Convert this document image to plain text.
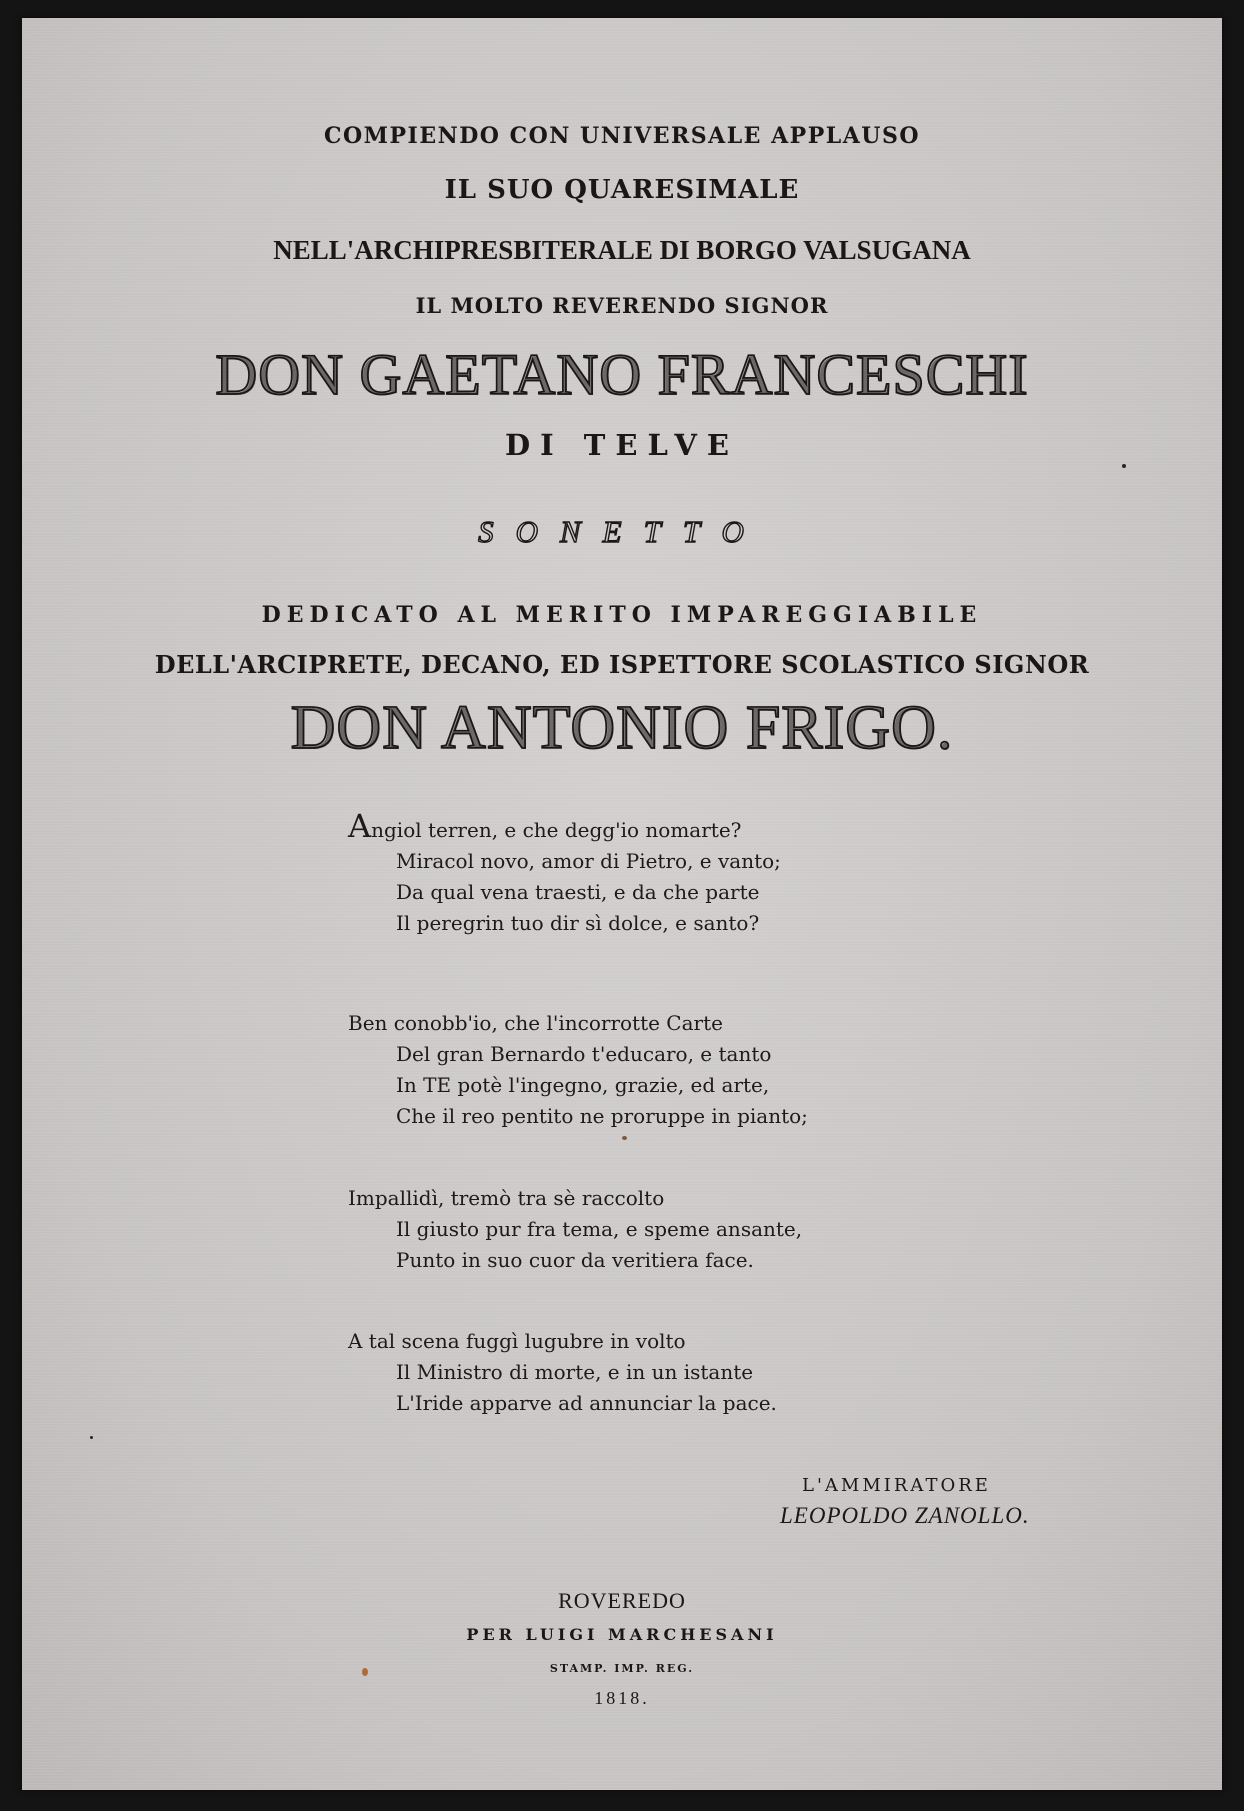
COMPIENDO CON UNIVERSALE APPLAUSO
IL SUO QUARESIMALE
NELL'ARCHIPRESBITERALE DI BORGO VALSUGANA
IL MOLTO REVERENDO SIGNOR
DON GAETANO FRANCESCHI
DI TELVE
SONETTO
DEDICATO AL MERITO IMPAREGGIABILE
DELL'ARCIPRETE, DECANO, ED ISPETTORE SCOLASTICO SIGNOR
DON ANTONIO FRIGO.
Angiol terren, e che degg'io nomarte?
Miracol novo, amor di Pietro, e vanto;
Da qual vena traesti, e da che parte
Il peregrin tuo dir sì dolce, e santo?
Ben conobb'io, che l'incorrotte Carte
Del gran Bernardo t'educaro, e tanto
In TE potè l'ingegno, grazie, ed arte,
Che il reo pentito ne proruppe in pianto;
Impallidì, tremò tra sè raccolto
Il giusto pur fra tema, e speme ansante,
Punto in suo cuor da veritiera face.
A tal scena fuggì lugubre in volto
Il Ministro di morte, e in un istante
L'Iride apparve ad annunciar la pace.
L'AMMIRATORE
LEOPOLDO ZANOLLO.
ROVEREDO
PER LUIGI MARCHESANI
STAMP. IMP. REG.
1818.
